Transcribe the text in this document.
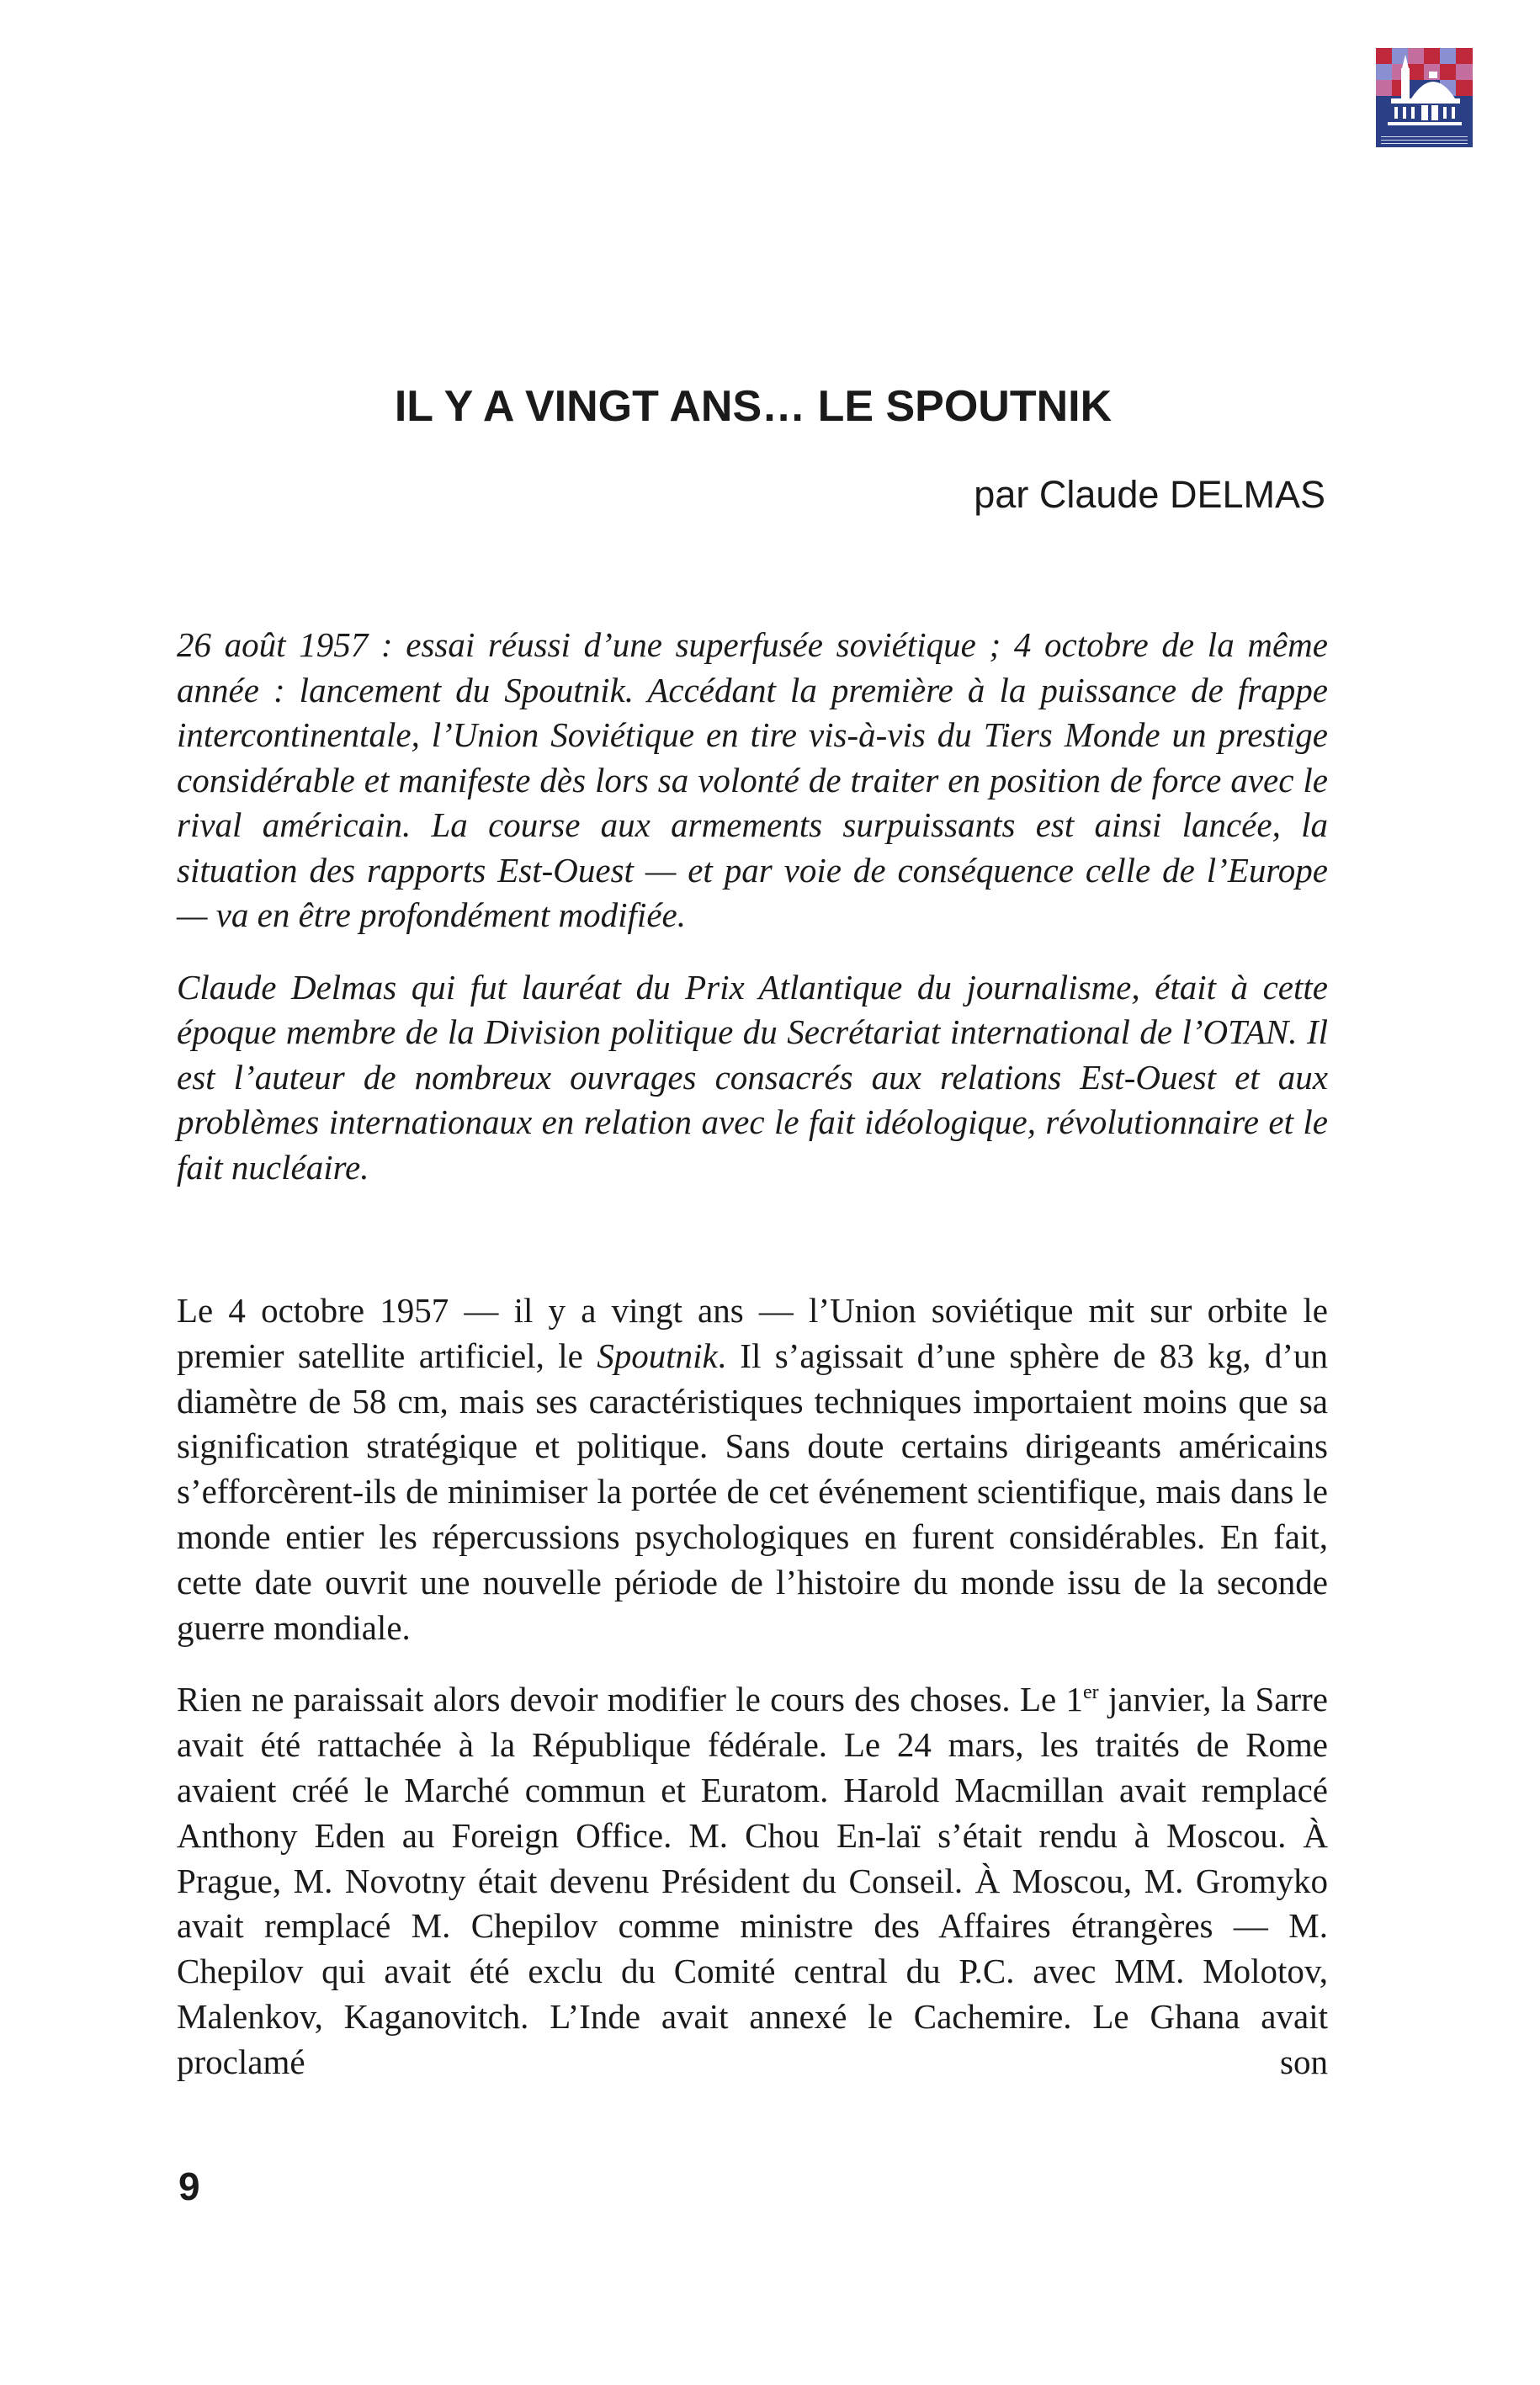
IL Y A VINGT ANS… LE SPOUTNIK

par Claude DELMAS

26 août 1957 : essai réussi d’une superfusée soviétique ; 4 octobre de la même année : lancement du Spoutnik. Accédant la première à la puissance de frappe intercontinentale, l’Union Soviétique en tire vis-à-vis du Tiers Monde un prestige considérable et manifeste dès lors sa volonté de traiter en position de force avec le rival américain. La course aux armements surpuissants est ainsi lancée, la situation des rapports Est-Ouest — et par voie de conséquence celle de l’Europe — va en être profondément modifiée.

Claude Delmas qui fut lauréat du Prix Atlantique du journalisme, était à cette époque membre de la Division politique du Secrétariat international de l’OTAN. Il est l’auteur de nombreux ouvrages consacrés aux relations Est-Ouest et aux problèmes internationaux en relation avec le fait idéologique, révolutionnaire et le fait nucléaire.

Le 4 octobre 1957 — il y a vingt ans — l’Union soviétique mit sur orbite le premier satellite artificiel, le Spoutnik. Il s’agissait d’une sphère de 83 kg, d’un diamètre de 58 cm, mais ses caractéristiques techniques importaient moins que sa signification stratégique et politique. Sans doute certains dirigeants américains s’efforcèrent-ils de minimiser la portée de cet événement scientifique, mais dans le monde entier les répercussions psychologiques en furent considérables. En fait, cette date ouvrit une nouvelle période de l’histoire du monde issu de la seconde guerre mondiale.

Rien ne paraissait alors devoir modifier le cours des choses. Le 1er janvier, la Sarre avait été rattachée à la République fédérale. Le 24 mars, les traités de Rome avaient créé le Marché commun et Euratom. Harold Macmillan avait remplacé Anthony Eden au Foreign Office. M. Chou En-laï s’était rendu à Moscou. À Prague, M. Novotny était devenu Président du Conseil. À Moscou, M. Gromyko avait remplacé M. Chepilov comme ministre des Affaires étrangères — M. Chepilov qui avait été exclu du Comité central du P.C. avec MM. Molotov, Malenkov, Kaganovitch. L’Inde avait annexé le Cachemire. Le Ghana avait proclamé son

9
